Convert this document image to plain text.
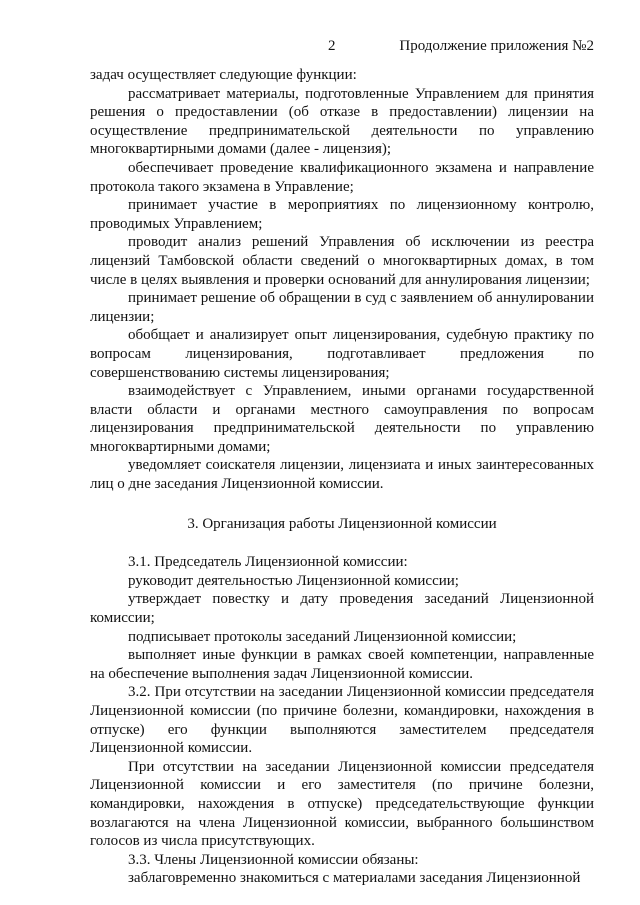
2	Продолжение приложения №2

задач осуществляет следующие функции:

рассматривает материалы, подготовленные Управлением для принятия решения о предоставлении (об отказе в предоставлении) лицензии на осуществление предпринимательской деятельности по управлению многоквартирными домами (далее - лицензия);

обеспечивает проведение квалификационного экзамена и направление протокола такого экзамена в Управление;

принимает участие в мероприятиях по лицензионному контролю, проводимых Управлением;

проводит анализ решений Управления об исключении из реестра лицензий Тамбовской области сведений о многоквартирных домах, в том числе в целях выявления и проверки оснований для аннулирования лицензии;

принимает решение об обращении в суд с заявлением об аннулировании лицензии;

обобщает и анализирует опыт лицензирования, судебную практику по вопросам лицензирования, подготавливает предложения по совершенствованию системы лицензирования;

взаимодействует с Управлением, иными органами государственной власти области и органами местного самоуправления по вопросам лицензирования предпринимательской деятельности по управлению многоквартирными домами;

уведомляет соискателя лицензии, лицензиата и иных заинтересованных лиц о дне заседания Лицензионной комиссии.

3. Организация работы Лицензионной комиссии

3.1. Председатель Лицензионной комиссии:

руководит деятельностью Лицензионной комиссии;

утверждает повестку и дату проведения заседаний Лицензионной комиссии;

подписывает протоколы заседаний Лицензионной комиссии;

выполняет иные функции в рамках своей компетенции, направленные на обеспечение выполнения задач Лицензионной комиссии.

3.2. При отсутствии на заседании Лицензионной комиссии председателя Лицензионной комиссии (по причине болезни, командировки, нахождения в отпуске) его функции выполняются заместителем председателя Лицензионной комиссии.

При отсутствии на заседании Лицензионной комиссии председателя Лицензионной комиссии и его заместителя (по причине болезни, командировки, нахождения в отпуске) председательствующие функции возлагаются на члена Лицензионной комиссии, выбранного большинством голосов из числа присутствующих.

3.3. Члены Лицензионной комиссии обязаны:

заблаговременно знакомиться с материалами заседания Лицензионной
